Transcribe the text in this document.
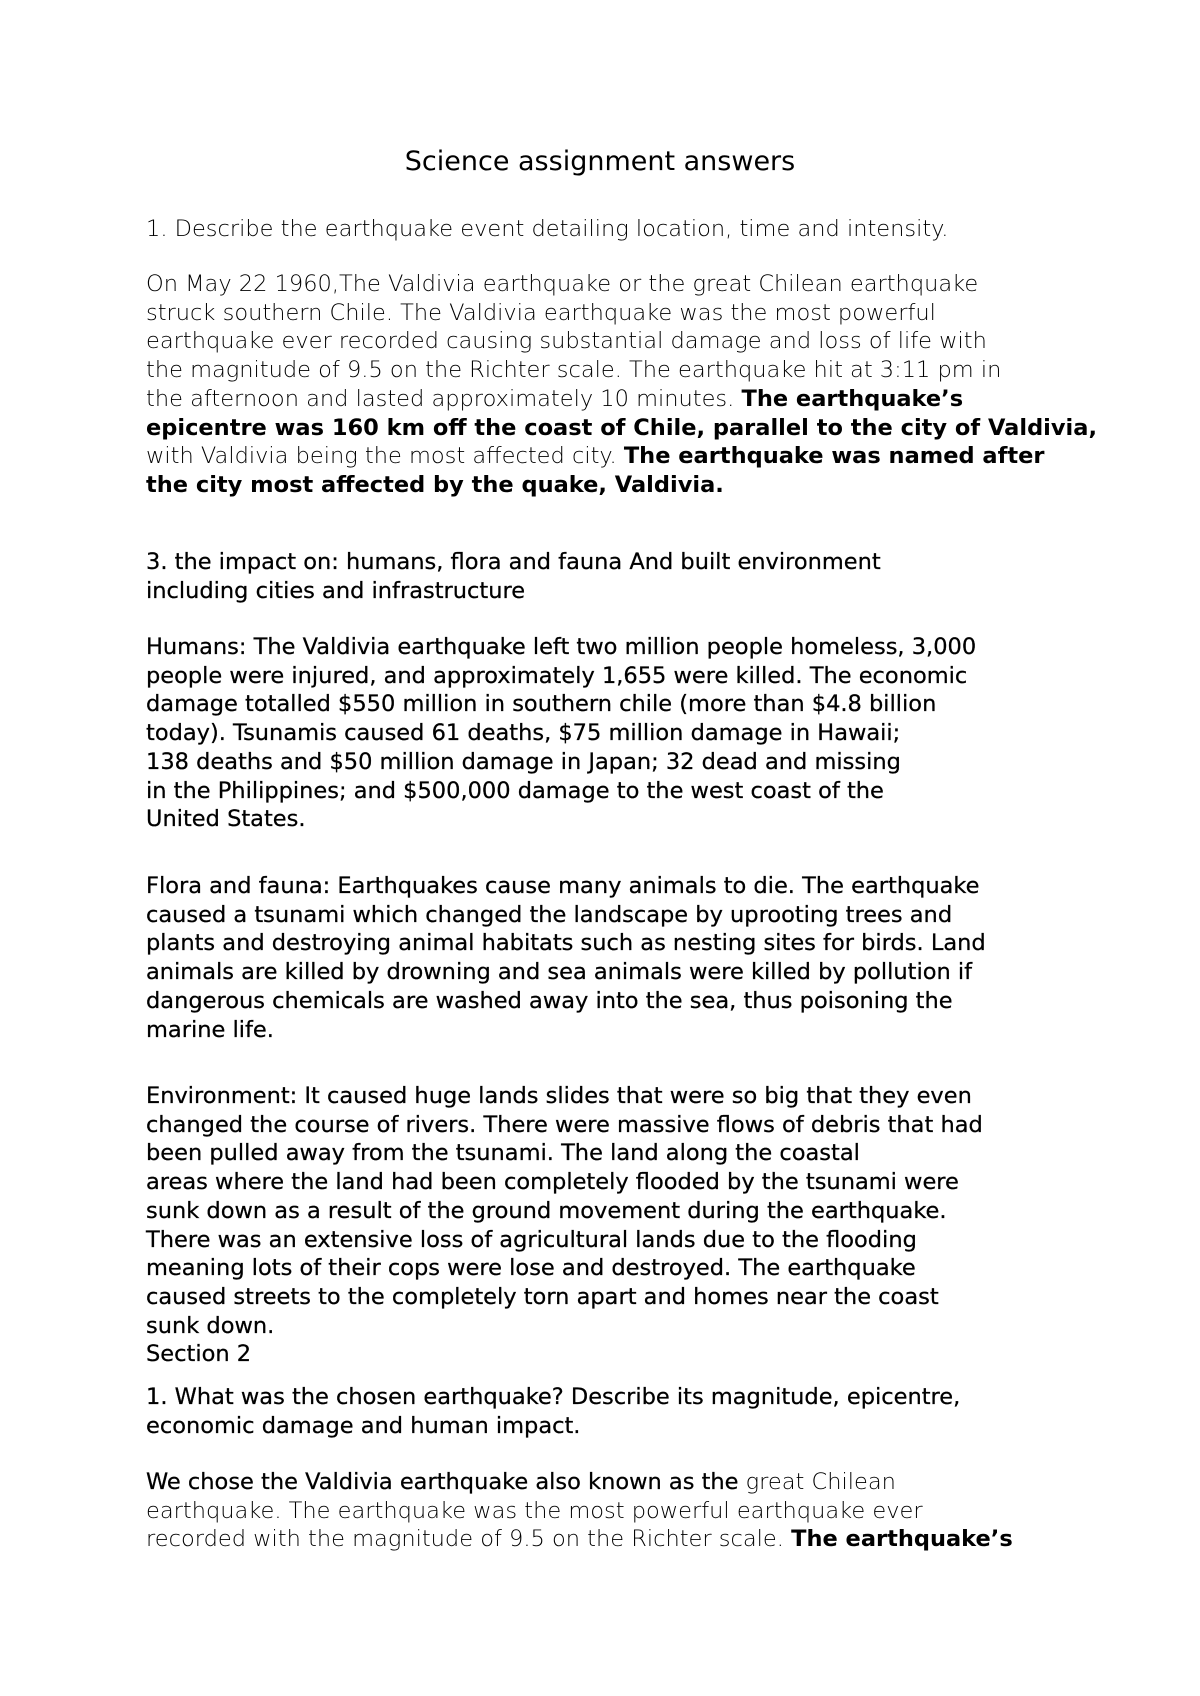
Science assignment answers
1. Describe the earthquake event detailing location, time and intensity.
On May 22 1960,The Valdivia earthquake or the great Chilean earthquake
struck southern Chile. The Valdivia earthquake was the most powerful
earthquake ever recorded causing substantial damage and loss of life with
the magnitude of 9.5 on the Richter scale. The earthquake hit at 3:11 pm in
the afternoon and lasted approximately 10 minutes. The earthquake’s
epicentre was 160 km off the coast of Chile, parallel to the city of Valdivia,
with Valdivia being the most affected city. The earthquake was named after
the city most affected by the quake, Valdivia.
3. the impact on: humans, flora and fauna And built environment
including cities and infrastructure
Humans: The Valdivia earthquake left two million people homeless, 3,000
people were injured, and approximately 1,655 were killed. The economic
damage totalled $550 million in southern chile (more than $4.8 billion
today). Tsunamis caused 61 deaths, $75 million damage in Hawaii;
138 deaths and $50 million damage in Japan; 32 dead and missing
in the Philippines; and $500,000 damage to the west coast of the
United States.
Flora and fauna: Earthquakes cause many animals to die. The earthquake
caused a tsunami which changed the landscape by uprooting trees and
plants and destroying animal habitats such as nesting sites for birds. Land
animals are killed by drowning and sea animals were killed by pollution if
dangerous chemicals are washed away into the sea, thus poisoning the
marine life.
Environment: It caused huge lands slides that were so big that they even
changed the course of rivers. There were massive flows of debris that had
been pulled away from the tsunami. The land along the coastal
areas where the land had been completely flooded by the tsunami were
sunk down as a result of the ground movement during the earthquake.
There was an extensive loss of agricultural lands due to the flooding
meaning lots of their cops were lose and destroyed. The earthquake
caused streets to the completely torn apart and homes near the coast
sunk down.
Section 2
1. What was the chosen earthquake? Describe its magnitude, epicentre,
economic damage and human impact.
We chose the Valdivia earthquake also known as the great Chilean
earthquake. The earthquake was the most powerful earthquake ever
recorded with the magnitude of 9.5 on the Richter scale. The earthquake’s
